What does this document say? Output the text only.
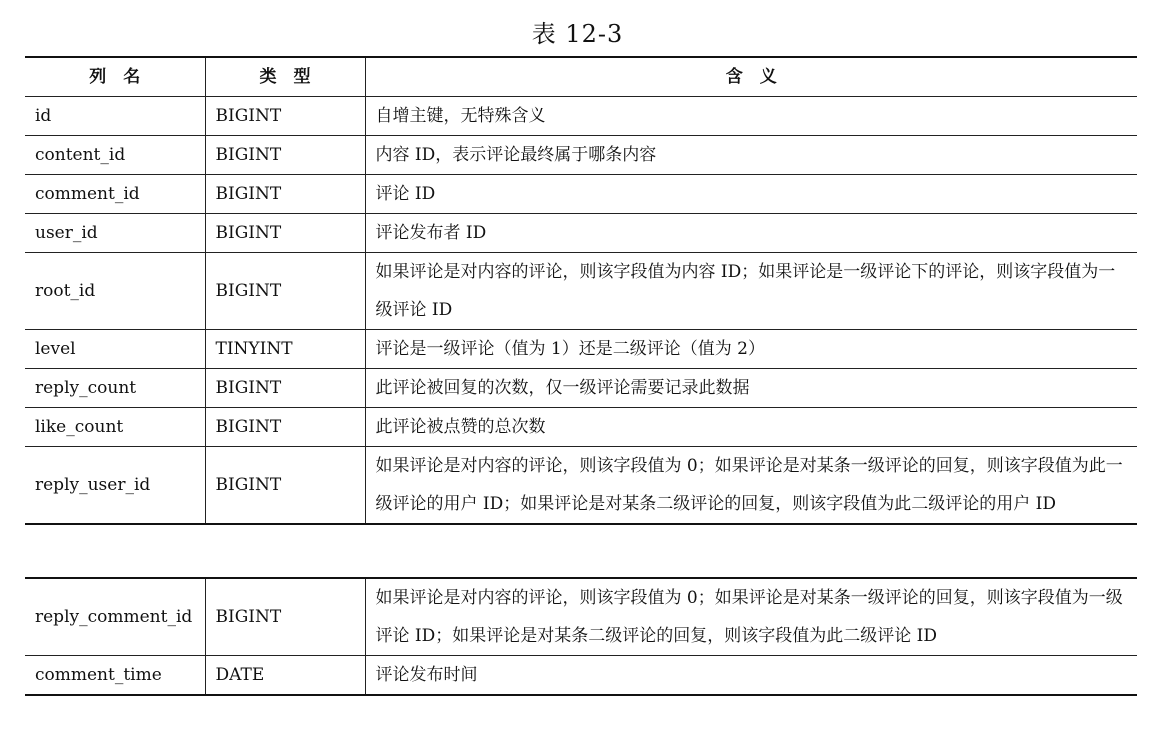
表 12-3
列　名	类　型	含　义
id	BIGINT	自增主键，无特殊含义
content_id	BIGINT	内容 ID，表示评论最终属于哪条内容
comment_id	BIGINT	评论 ID
user_id	BIGINT	评论发布者 ID
root_id	BIGINT	如果评论是对内容的评论，则该字段值为内容 ID；如果评论是一级评论下的评论，则该字段值为一级评论 ID
level	TINYINT	评论是一级评论（值为 1）还是二级评论（值为 2）
reply_count	BIGINT	此评论被回复的次数，仅一级评论需要记录此数据
like_count	BIGINT	此评论被点赞的总次数
reply_user_id	BIGINT	如果评论是对内容的评论，则该字段值为 0；如果评论是对某条一级评论的回复，则该字段值为此一级评论的用户 ID；如果评论是对某条二级评论的回复，则该字段值为此二级评论的用户 ID
reply_comment_id	BIGINT	如果评论是对内容的评论，则该字段值为 0；如果评论是对某条一级评论的回复，则该字段值为一级评论 ID；如果评论是对某条二级评论的回复，则该字段值为此二级评论 ID
comment_time	DATE	评论发布时间
